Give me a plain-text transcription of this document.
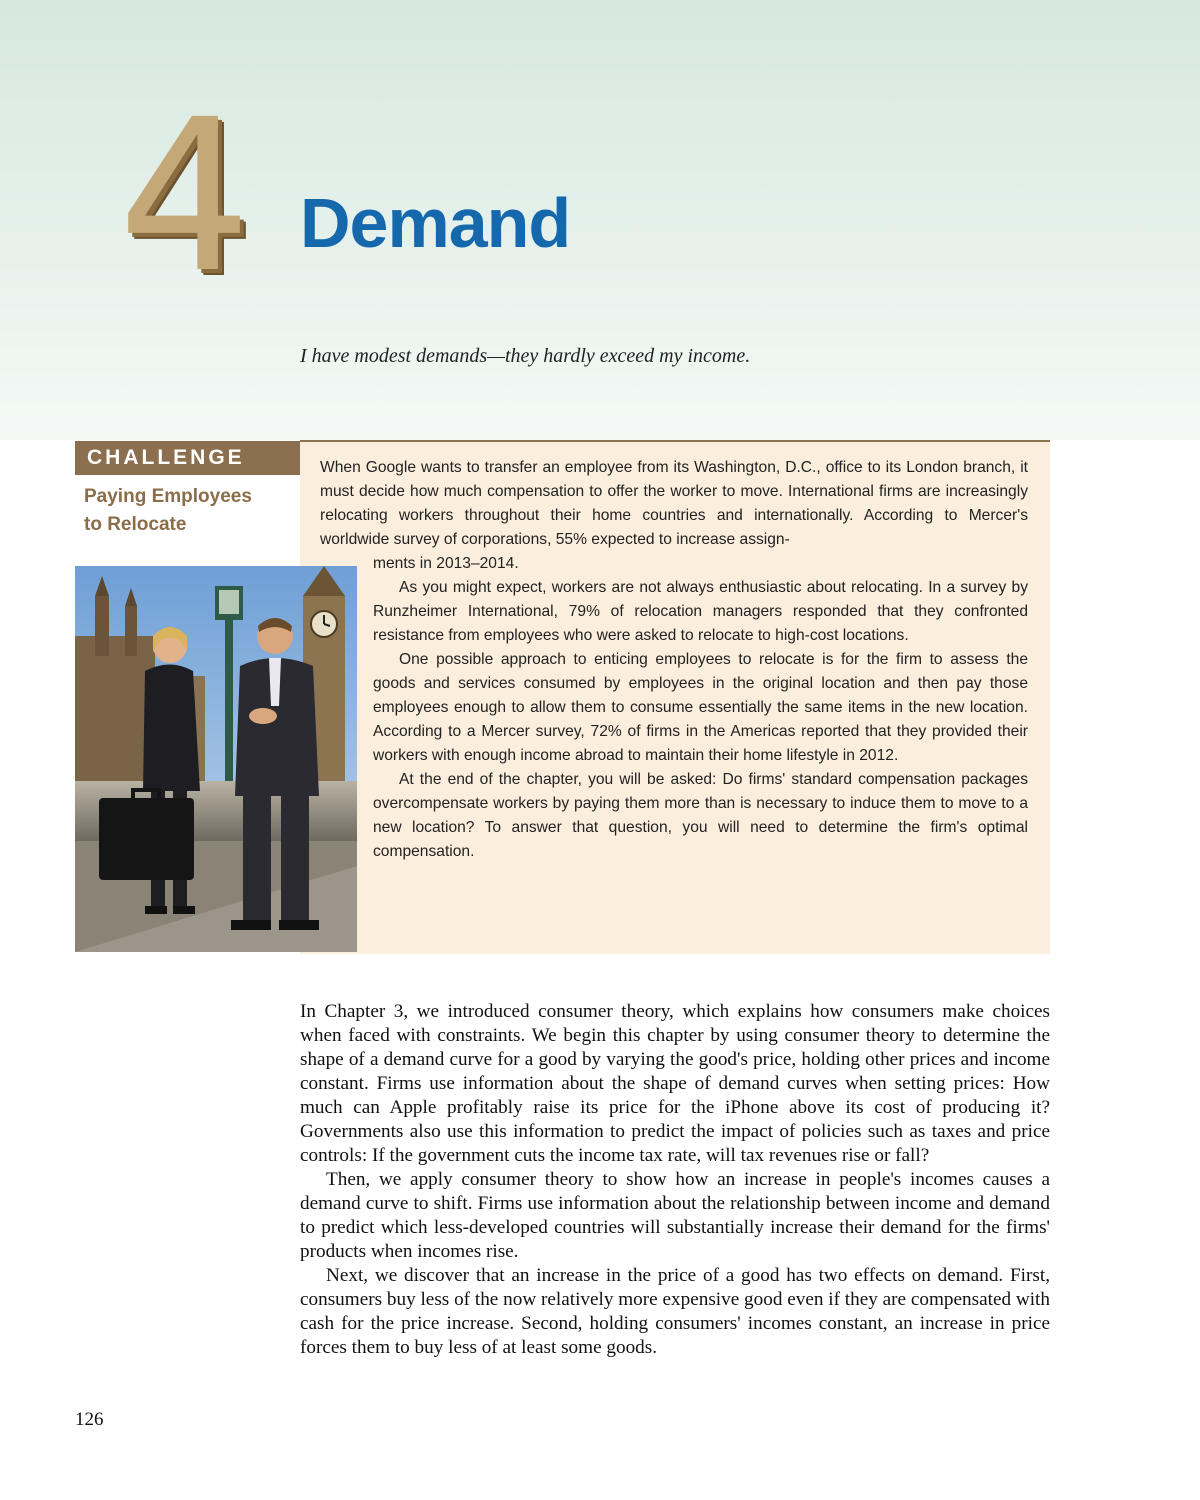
4 Demand
I have modest demands—they hardly exceed my income.
CHALLENGE
Paying Employees
to Relocate

When Google wants to transfer an employee from its Washington, D.C., office to its London branch, it must decide how much compensation to offer the worker to move. International firms are increasingly relocating workers throughout their home countries and internationally. According to Mercer's worldwide survey of corporations, 55% expected to increase assign-

ments in 2013–2014.

As you might expect, workers are not always enthusiastic about relocating. In a survey by Runzheimer International, 79% of relocation managers responded that they confronted resistance from employees who were asked to relocate to high-cost locations.

One possible approach to enticing employees to relocate is for the firm to assess the goods and services consumed by employees in the original location and then pay those employees enough to allow them to consume essentially the same items in the new location. According to a Mercer survey, 72% of firms in the Americas reported that they provided their workers with enough income abroad to maintain their home lifestyle in 2012.

At the end of the chapter, you will be asked: Do firms' standard compensation packages overcompensate workers by paying them more than is necessary to induce them to move to a new location? To answer that question, you will need to determine the firm's optimal compensation.

In Chapter 3, we introduced consumer theory, which explains how consumers make choices when faced with constraints. We begin this chapter by using consumer theory to determine the shape of a demand curve for a good by varying the good's price, holding other prices and income constant. Firms use information about the shape of demand curves when setting prices: How much can Apple profitably raise its price for the iPhone above its cost of producing it? Governments also use this information to predict the impact of policies such as taxes and price controls: If the government cuts the income tax rate, will tax revenues rise or fall?

Then, we apply consumer theory to show how an increase in people's incomes causes a demand curve to shift. Firms use information about the relationship between income and demand to predict which less-developed countries will substantially increase their demand for the firms' products when incomes rise.

Next, we discover that an increase in the price of a good has two effects on demand. First, consumers buy less of the now relatively more expensive good even if they are compensated with cash for the price increase. Second, holding consumers' incomes constant, an increase in price forces them to buy less of at least some goods.

126
